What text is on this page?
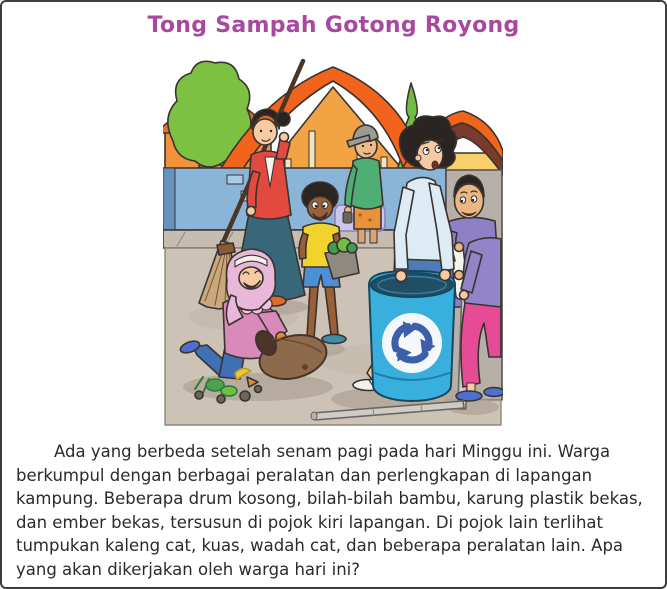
Tong Sampah Gotong Royong

Ada yang berbeda setelah senam pagi pada hari Minggu ini. Warga berkumpul dengan berbagai peralatan dan perlengkapan di lapangan kampung. Beberapa drum kosong, bilah-bilah bambu, karung plastik bekas, dan ember bekas, tersusun di pojok kiri lapangan. Di pojok lain terlihat tumpukan kaleng cat, kuas, wadah cat, dan beberapa peralatan lain. Apa yang akan dikerjakan oleh warga hari ini?
